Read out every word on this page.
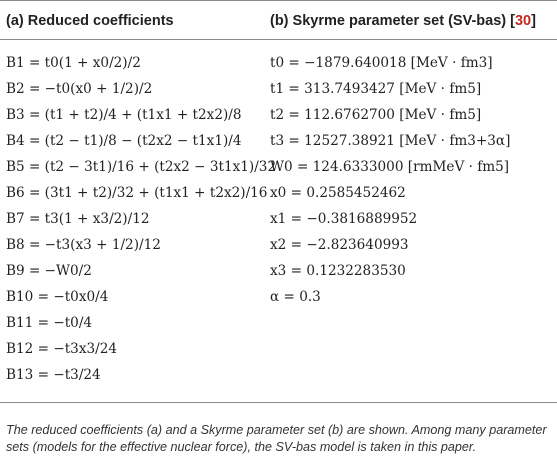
(a) Reduced coefficients	(b) Skyrme parameter set (SV-bas) [30]
B1 = t0(1 + x0/2)/2
B2 = −t0(x0 + 1/2)/2
B3 = (t1 + t2)/4 + (t1x1 + t2x2)/8
B4 = (t2 − t1)/8 − (t2x2 − t1x1)/4
B5 = (t2 − 3t1)/16 + (t2x2 − 3t1x1)/32
B6 = (3t1 + t2)/32 + (t1x1 + t2x2)/16
B7 = t3(1 + x3/2)/12
B8 = −t3(x3 + 1/2)/12
B9 = −W0/2
B10 = −t0x0/4
B11 = −t0/4
B12 = −t3x3/24
B13 = −t3/24
t0 = −1879.640018 [MeV · fm3]
t1 = 313.7493427 [MeV · fm5]
t2 = 112.6762700 [MeV · fm5]
t3 = 12527.38921 [MeV · fm3+3α]
W0 = 124.6333000 [rmMeV · fm5]
x0 = 0.2585452462
x1 = −0.3816889952
x2 = −2.823640993
x3 = 0.1232283530
α = 0.3
The reduced coefficients (a) and a Skyrme parameter set (b) are shown. Among many parameter sets (models for the effective nuclear force), the SV-bas model is taken in this paper.
